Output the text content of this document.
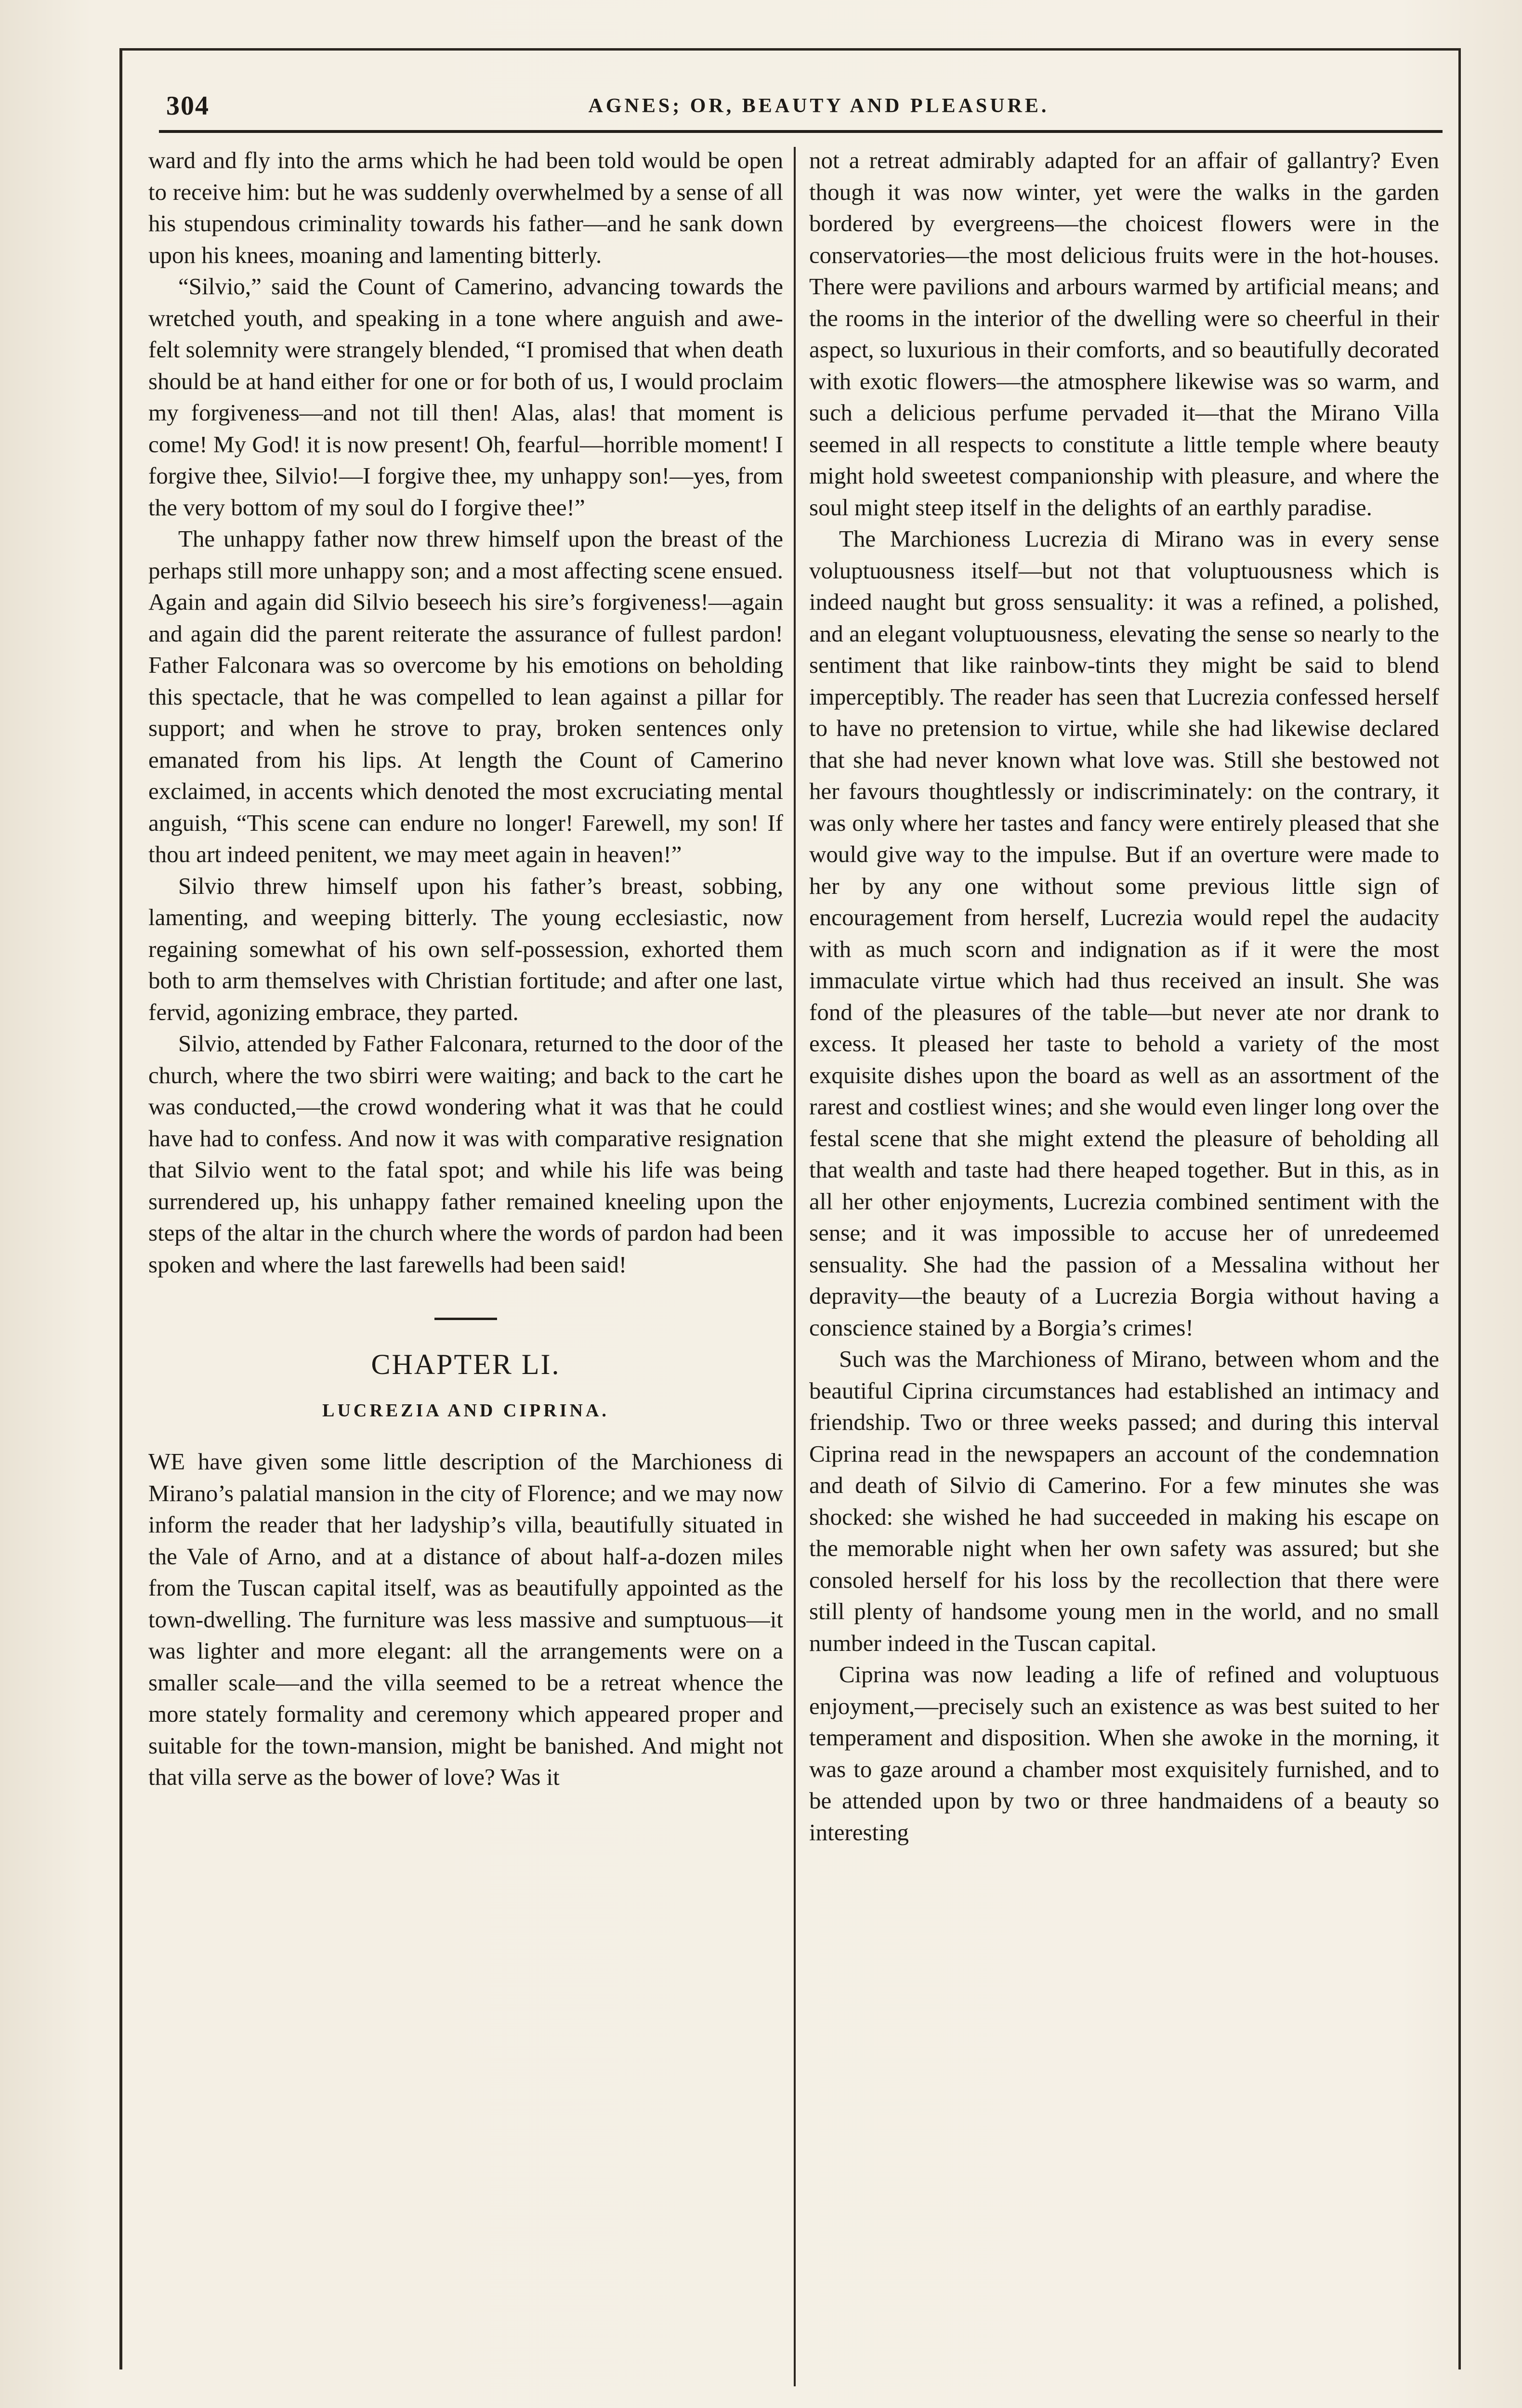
304	AGNES; OR, BEAUTY AND PLEASURE.

ward and fly into the arms which he had been told would be open to receive him: but he was suddenly overwhelmed by a sense of all his stupendous criminality towards his father—and he sank down upon his knees, moaning and lamenting bitterly.

“Silvio,” said the Count of Camerino, advancing towards the wretched youth, and speaking in a tone where anguish and awe-felt solemnity were strangely blended, “I promised that when death should be at hand either for one or for both of us, I would proclaim my forgiveness—and not till then! Alas, alas! that moment is come! My God! it is now present! Oh, fearful—horrible moment! I forgive thee, Silvio!—I forgive thee, my unhappy son!—yes, from the very bottom of my soul do I forgive thee!”

The unhappy father now threw himself upon the breast of the perhaps still more unhappy son; and a most affecting scene ensued. Again and again did Silvio beseech his sire’s forgiveness!—again and again did the parent reiterate the assurance of fullest pardon! Father Falconara was so overcome by his emotions on beholding this spectacle, that he was compelled to lean against a pillar for support; and when he strove to pray, broken sentences only emanated from his lips. At length the Count of Camerino exclaimed, in accents which denoted the most excruciating mental anguish, “This scene can endure no longer! Farewell, my son! If thou art indeed penitent, we may meet again in heaven!”

Silvio threw himself upon his father’s breast, sobbing, lamenting, and weeping bitterly. The young ecclesiastic, now regaining somewhat of his own self-possession, exhorted them both to arm themselves with Christian fortitude; and after one last, fervid, agonizing embrace, they parted.

Silvio, attended by Father Falconara, returned to the door of the church, where the two sbirri were waiting; and back to the cart he was conducted,—the crowd wondering what it was that he could have had to confess. And now it was with comparative resignation that Silvio went to the fatal spot; and while his life was being surrendered up, his unhappy father remained kneeling upon the steps of the altar in the church where the words of pardon had been spoken and where the last farewells had been said!

CHAPTER LI.
LUCREZIA AND CIPRINA.

WE have given some little description of the Marchioness di Mirano’s palatial mansion in the city of Florence; and we may now inform the reader that her ladyship’s villa, beautifully situated in the Vale of Arno, and at a distance of about half-a-dozen miles from the Tuscan capital itself, was as beautifully appointed as the town-dwelling. The furniture was less massive and sumptuous—it was lighter and more elegant: all the arrangements were on a smaller scale—and the villa seemed to be a retreat whence the more stately formality and ceremony which appeared proper and suitable for the town-mansion, might be banished. And might not that villa serve as the bower of love? Was it

not a retreat admirably adapted for an affair of gallantry? Even though it was now winter, yet were the walks in the garden bordered by evergreens—the choicest flowers were in the conservatories—the most delicious fruits were in the hot-houses. There were pavilions and arbours warmed by artificial means; and the rooms in the interior of the dwelling were so cheerful in their aspect, so luxurious in their comforts, and so beautifully decorated with exotic flowers—the atmosphere likewise was so warm, and such a delicious perfume pervaded it—that the Mirano Villa seemed in all respects to constitute a little temple where beauty might hold sweetest companionship with pleasure, and where the soul might steep itself in the delights of an earthly paradise.

The Marchioness Lucrezia di Mirano was in every sense voluptuousness itself—but not that voluptuousness which is indeed naught but gross sensuality: it was a refined, a polished, and an elegant voluptuousness, elevating the sense so nearly to the sentiment that like rainbow-tints they might be said to blend imperceptibly. The reader has seen that Lucrezia confessed herself to have no pretension to virtue, while she had likewise declared that she had never known what love was. Still she bestowed not her favours thoughtlessly or indiscriminately: on the contrary, it was only where her tastes and fancy were entirely pleased that she would give way to the impulse. But if an overture were made to her by any one without some previous little sign of encouragement from herself, Lucrezia would repel the audacity with as much scorn and indignation as if it were the most immaculate virtue which had thus received an insult. She was fond of the pleasures of the table—but never ate nor drank to excess. It pleased her taste to behold a variety of the most exquisite dishes upon the board as well as an assortment of the rarest and costliest wines; and she would even linger long over the festal scene that she might extend the pleasure of beholding all that wealth and taste had there heaped together. But in this, as in all her other enjoyments, Lucrezia combined sentiment with the sense; and it was impossible to accuse her of unredeemed sensuality. She had the passion of a Messalina without her depravity—the beauty of a Lucrezia Borgia without having a conscience stained by a Borgia’s crimes!

Such was the Marchioness of Mirano, between whom and the beautiful Ciprina circumstances had established an intimacy and friendship. Two or three weeks passed; and during this interval Ciprina read in the newspapers an account of the condemnation and death of Silvio di Camerino. For a few minutes she was shocked: she wished he had succeeded in making his escape on the memorable night when her own safety was assured; but she consoled herself for his loss by the recollection that there were still plenty of handsome young men in the world, and no small number indeed in the Tuscan capital.

Ciprina was now leading a life of refined and voluptuous enjoyment,—precisely such an existence as was best suited to her temperament and disposition. When she awoke in the morning, it was to gaze around a chamber most exquisitely furnished, and to be attended upon by two or three handmaidens of a beauty so interesting
